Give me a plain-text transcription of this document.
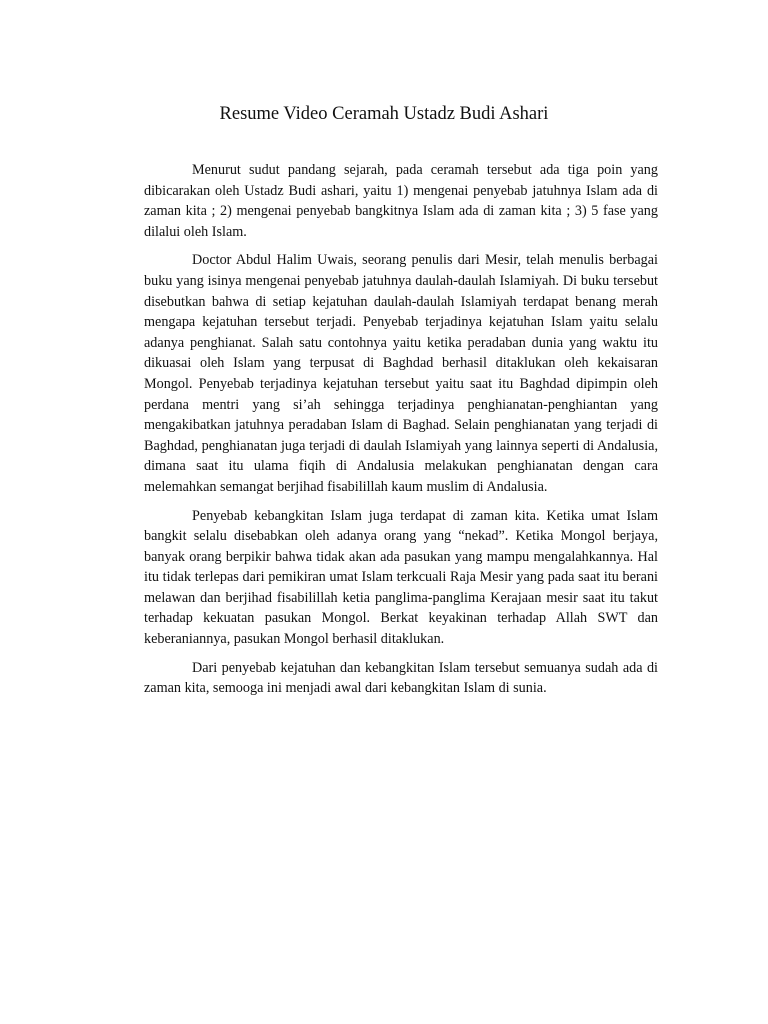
Resume Video Ceramah Ustadz Budi Ashari

Menurut sudut pandang sejarah, pada ceramah tersebut ada tiga poin yang dibicarakan oleh Ustadz Budi ashari, yaitu 1) mengenai penyebab jatuhnya Islam ada di zaman kita ; 2) mengenai penyebab bangkitnya Islam ada di zaman kita ; 3) 5 fase yang dilalui oleh Islam.

Doctor Abdul Halim Uwais, seorang penulis dari Mesir, telah menulis berbagai buku yang isinya mengenai penyebab jatuhnya daulah-daulah Islamiyah. Di buku tersebut disebutkan bahwa di setiap kejatuhan daulah-daulah Islamiyah terdapat benang merah mengapa kejatuhan tersebut terjadi. Penyebab terjadinya kejatuhan Islam yaitu selalu adanya penghianat. Salah satu contohnya yaitu ketika peradaban dunia yang waktu itu dikuasai oleh Islam yang terpusat di Baghdad berhasil ditaklukan oleh kekaisaran Mongol. Penyebab terjadinya kejatuhan tersebut yaitu saat itu Baghdad dipimpin oleh perdana mentri yang si’ah sehingga terjadinya penghianatan-penghiantan yang mengakibatkan jatuhnya peradaban Islam di Baghad. Selain penghianatan yang terjadi di Baghdad, penghianatan juga terjadi di daulah Islamiyah yang lainnya seperti di Andalusia, dimana saat itu ulama fiqih di Andalusia melakukan penghianatan dengan cara melemahkan semangat berjihad fisabilillah kaum muslim di Andalusia.

Penyebab kebangkitan Islam juga terdapat di zaman kita. Ketika umat Islam bangkit selalu disebabkan oleh adanya orang yang “nekad”. Ketika Mongol berjaya, banyak orang berpikir bahwa tidak akan ada pasukan yang mampu mengalahkannya. Hal itu tidak terlepas dari pemikiran umat Islam terkcuali Raja Mesir yang pada saat itu berani melawan dan berjihad fisabilillah ketia panglima-panglima Kerajaan mesir saat itu takut terhadap kekuatan pasukan Mongol. Berkat keyakinan terhadap Allah SWT dan keberaniannya, pasukan Mongol berhasil ditaklukan.

Dari penyebab kejatuhan dan kebangkitan Islam tersebut semuanya sudah ada di zaman kita, semooga ini menjadi awal dari kebangkitan Islam di sunia.
